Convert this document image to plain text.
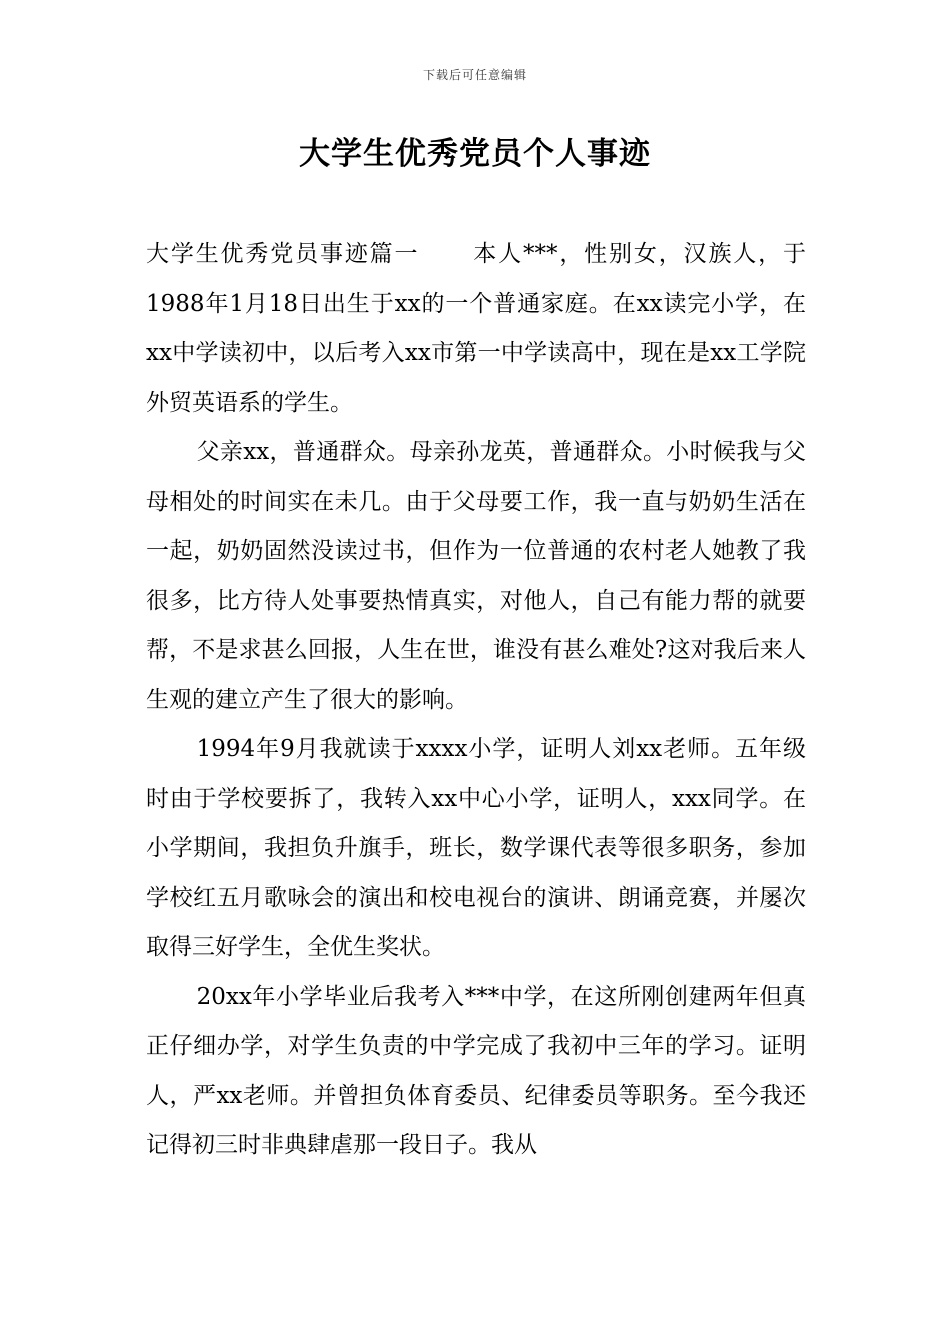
下载后可任意编辑
大学生优秀党员个人事迹

大学生优秀党员事迹篇一 本人***，性别女，汉族人，于1988年1月18日出生于xx的一个普通家庭。在xx读完小学，在xx中学读初中，以后考入xx市第一中学读高中，现在是xx工学院外贸英语系的学生。

父亲xx，普通群众。母亲孙龙英，普通群众。小时候我与父母相处的时间实在未几。由于父母要工作，我一直与奶奶生活在一起，奶奶固然没读过书，但作为一位普通的农村老人她教了我很多，比方待人处事要热情真实，对他人，自己有能力帮的就要帮，不是求甚么回报，人生在世，谁没有甚么难处?这对我后来人生观的建立产生了很大的影响。

1994年9月我就读于xxxx小学，证明人刘xx老师。五年级时由于学校要拆了，我转入xx中心小学，证明人，xxx同学。在小学期间，我担负升旗手，班长，数学课代表等很多职务，参加学校红五月歌咏会的演出和校电视台的演讲、朗诵竞赛，并屡次取得三好学生，全优生奖状。

20xx年小学毕业后我考入***中学，在这所刚创建两年但真正仔细办学，对学生负责的中学完成了我初中三年的学习。证明人，严xx老师。并曾担负体育委员、纪律委员等职务。至今我还记得初三时非典肆虐那一段日子。我从
